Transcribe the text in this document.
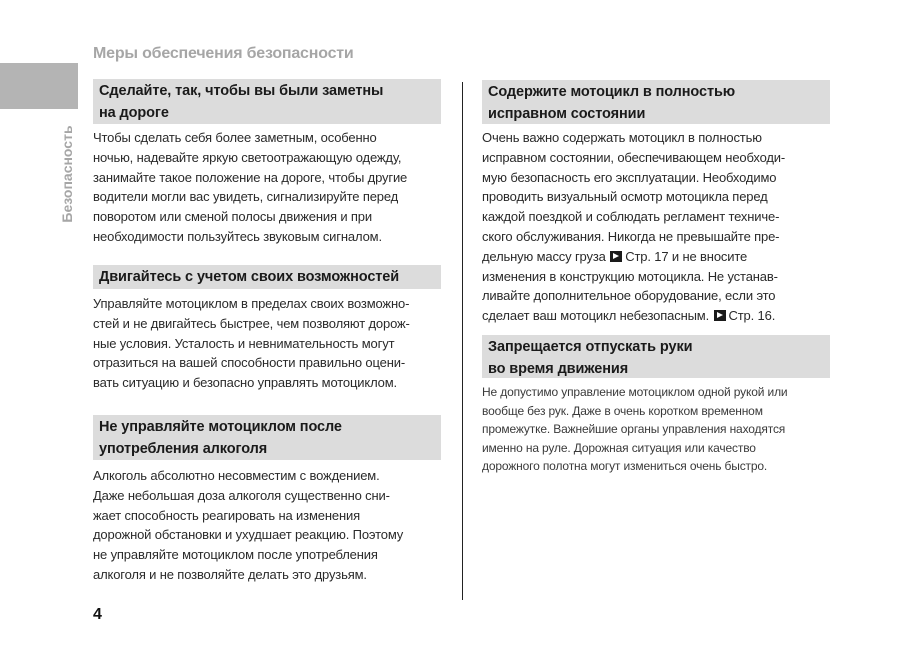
Меры обеспечения безопасности
Безопасность
Сделайте, так, чтобы вы были заметны
на дороге
Чтобы сделать себя более заметным, особенно
ночью, надевайте яркую светоотражающую одежду,
занимайте такое положение на дороге, чтобы другие
водители могли вас увидеть, сигнализируйте перед
поворотом или сменой полосы движения и при
необходимости пользуйтесь звуковым сигналом.
Двигайтесь с учетом своих возможностей
Управляйте мотоциклом в пределах своих возможно-
стей и не двигайтесь быстрее, чем позволяют дорож-
ные условия. Усталость и невнимательность могут
отразиться на вашей способности правильно оцени-
вать ситуацию и безопасно управлять мотоциклом.
Не управляйте мотоциклом после
употребления алкоголя
Алкоголь абсолютно несовместим с вождением.
Даже небольшая доза алкоголя существенно сни-
жает способность реагировать на изменения
дорожной обстановки и ухудшает реакцию. Поэтому
не управляйте мотоциклом после употребления
алкоголя и не позволяйте делать это друзьям.
Содержите мотоцикл в полностью
исправном состоянии
Очень важно содержать мотоцикл в полностью
исправном состоянии, обеспечивающем необходи-
мую безопасность его эксплуатации. Необходимо
проводить визуальный осмотр мотоцикла перед
каждой поездкой и соблюдать регламент техниче-
ского обслуживания. Никогда не превышайте пре-
дельную массу груза Стр. 17 и не вносите
изменения в конструкцию мотоцикла. Не устанав-
ливайте дополнительное оборудование, если это
сделает ваш мотоцикл небезопасным. Стр. 16.
Запрещается отпускать руки
во время движения
Не допустимо управление мотоциклом одной рукой или
вообще без рук. Даже в очень коротком временном
промежутке. Важнейшие органы управления находятся
именно на руле. Дорожная ситуация или качество
дорожного полотна могут измениться очень быстро.
4
